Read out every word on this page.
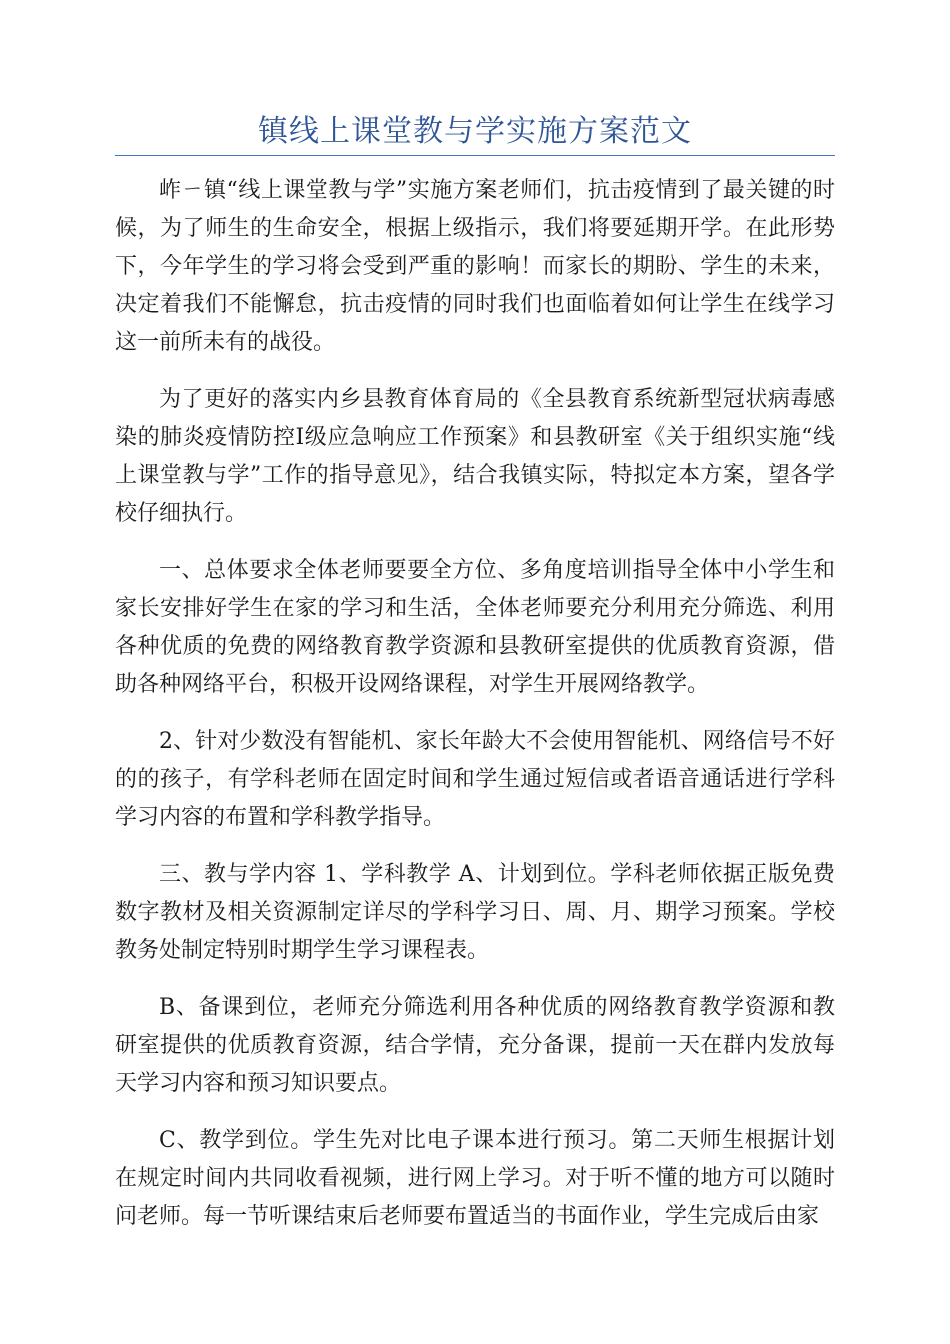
镇线上课堂教与学实施方案范文

岞ㄧ镇“线上课堂教与学”实施方案老师们，抗击疫情到了最关键的时候，为了师生的生命安全，根据上级指示，我们将要延期开学。在此形势下，今年学生的学习将会受到严重的影响！而家长的期盼、学生的未来，决定着我们不能懈怠，抗击疫情的同时我们也面临着如何让学生在线学习这一前所未有的战役。

为了更好的落实内乡县教育体育局的《全县教育系统新型冠状病毒感染的肺炎疫情防控Ⅰ级应急响应工作预案》和县教研室《关于组织实施“线上课堂教与学”工作的指导意见》，结合我镇实际，特拟定本方案，望各学校仔细执行。

一、总体要求全体老师要要全方位、多角度培训指导全体中小学生和家长安排好学生在家的学习和生活，全体老师要充分利用充分筛选、利用各种优质的免费的网络教育教学资源和县教研室提供的优质教育资源，借助各种网络平台，积极开设网络课程，对学生开展网络教学。

2、针对少数没有智能机、家长年龄大不会使用智能机、网络信号不好的的孩子，有学科老师在固定时间和学生通过短信或者语音通话进行学科学习内容的布置和学科教学指导。

三、教与学内容 1、学科教学 A、计划到位。学科老师依据正版免费数字教材及相关资源制定详尽的学科学习日、周、月、期学习预案。学校教务处制定特别时期学生学习课程表。

B、备课到位，老师充分筛选利用各种优质的网络教育教学资源和教研室提供的优质教育资源，结合学情，充分备课，提前一天在群内发放每天学习内容和预习知识要点。

C、教学到位。学生先对比电子课本进行预习。第二天师生根据计划在规定时间内共同收看视频，进行网上学习。对于听不懂的地方可以随时问老师。每一节听课结束后老师要布置适当的书面作业，学生完成后由家
